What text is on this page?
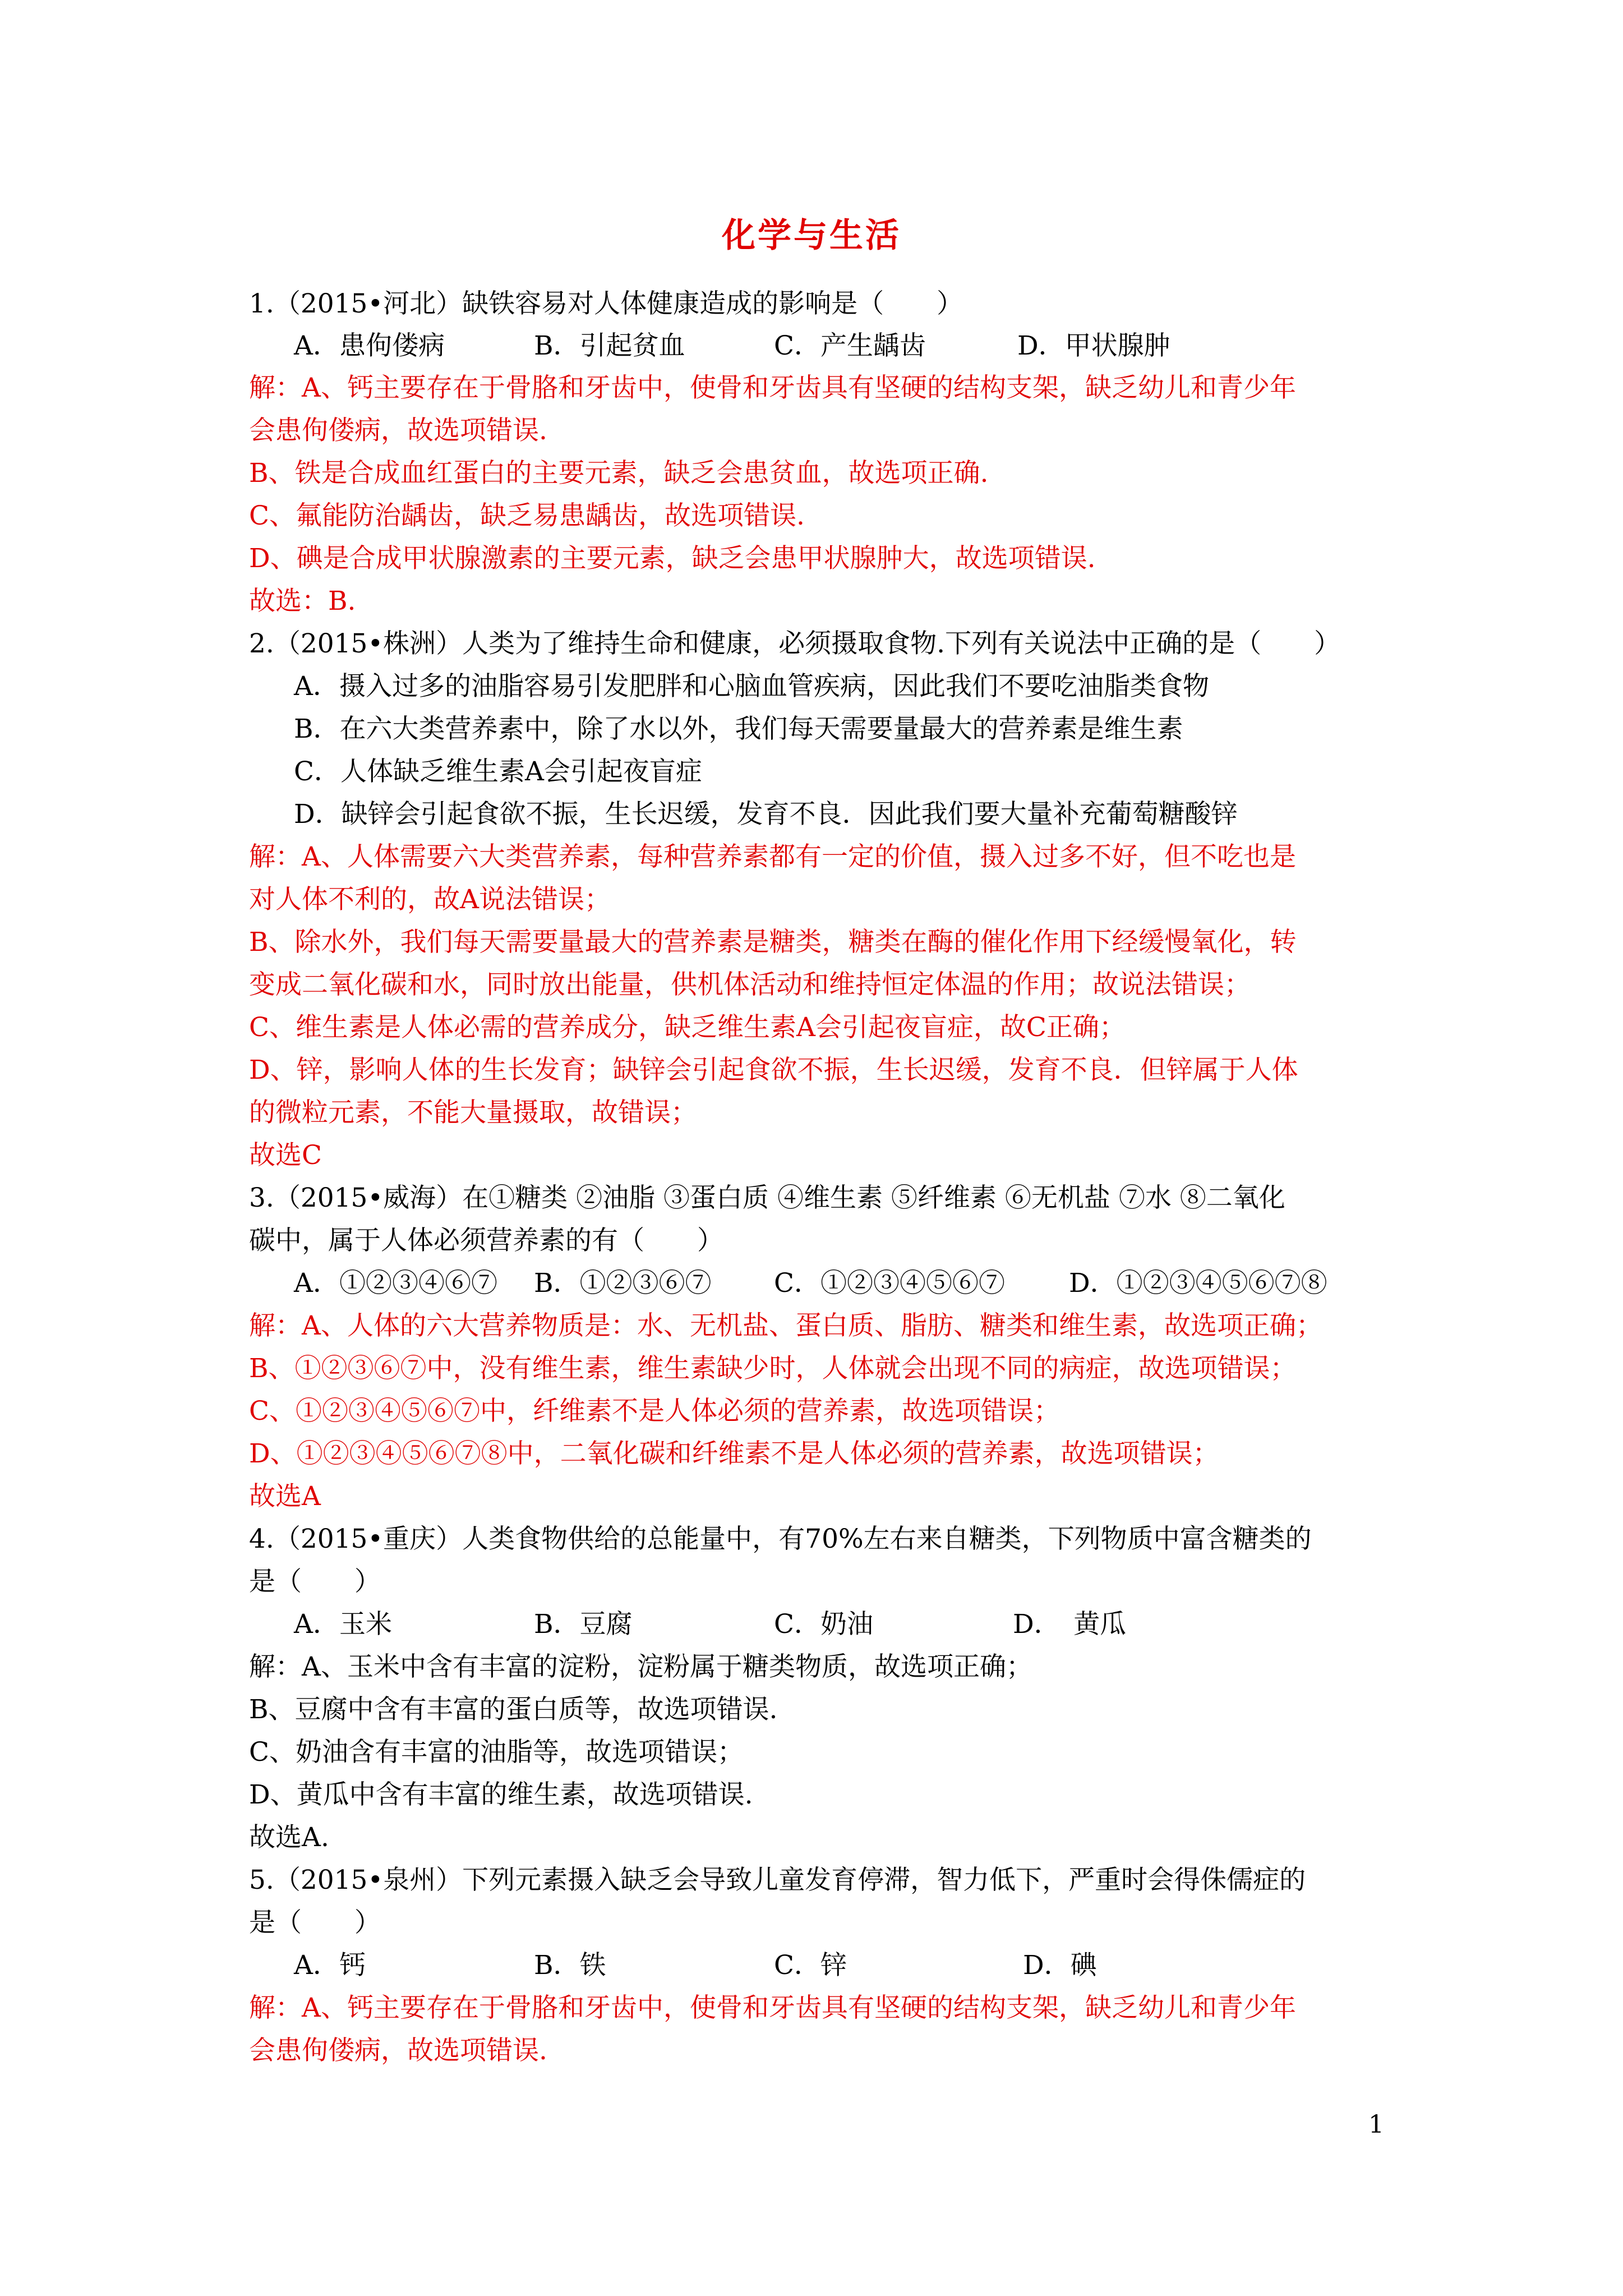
化学与生活
1.（2015•河北）缺铁容易对人体健康造成的影响是（　　）
A．患佝偻病	B．引起贫血	C．产生龋齿	D．甲状腺肿
解：A、钙主要存在于骨胳和牙齿中，使骨和牙齿具有坚硬的结构支架，缺乏幼儿和青少年
会患佝偻病，故选项错误.
B、铁是合成血红蛋白的主要元素，缺乏会患贫血，故选项正确.
C、氟能防治龋齿，缺乏易患龋齿，故选项错误.
D、碘是合成甲状腺激素的主要元素，缺乏会患甲状腺肿大，故选项错误.
故选：B.
2.（2015•株洲）人类为了维持生命和健康，必须摄取食物.下列有关说法中正确的是（　　）
A．摄入过多的油脂容易引发肥胖和心脑血管疾病，因此我们不要吃油脂类食物
B．在六大类营养素中，除了水以外，我们每天需要量最大的营养素是维生素
C．人体缺乏维生素A会引起夜盲症
D．缺锌会引起食欲不振，生长迟缓，发育不良．因此我们要大量补充葡萄糖酸锌
解：A、人体需要六大类营养素，每种营养素都有一定的价值，摄入过多不好，但不吃也是
对人体不利的，故A说法错误；
B、除水外，我们每天需要量最大的营养素是糖类，糖类在酶的催化作用下经缓慢氧化，转
变成二氧化碳和水，同时放出能量，供机体活动和维持恒定体温的作用；故说法错误；
C、维生素是人体必需的营养成分，缺乏维生素A会引起夜盲症，故C正确；
D、锌，影响人体的生长发育；缺锌会引起食欲不振，生长迟缓，发育不良．但锌属于人体
的微粒元素，不能大量摄取，故错误；
故选C
3.（2015•威海）在①糖类 ②油脂 ③蛋白质 ④维生素 ⑤纤维素 ⑥无机盐 ⑦水 ⑧二氧化
碳中，属于人体必须营养素的有（　　）
A．①②③④⑥⑦ B．①②③⑥⑦ C．①②③④⑤⑥⑦ D．①②③④⑤⑥⑦⑧
解：A、人体的六大营养物质是：水、无机盐、蛋白质、脂肪、糖类和维生素，故选项正确；
B、①②③⑥⑦中，没有维生素，维生素缺少时，人体就会出现不同的病症，故选项错误；
C、①②③④⑤⑥⑦中，纤维素不是人体必须的营养素，故选项错误；
D、①②③④⑤⑥⑦⑧中，二氧化碳和纤维素不是人体必须的营养素，故选项错误；
故选A
4.（2015•重庆）人类食物供给的总能量中，有70%左右来自糖类，下列物质中富含糖类的
是（　　）
A．玉米	B．豆腐	C．奶油	D．　黄瓜
解：A、玉米中含有丰富的淀粉，淀粉属于糖类物质，故选项正确；
B、豆腐中含有丰富的蛋白质等，故选项错误.
C、奶油含有丰富的油脂等，故选项错误；
D、黄瓜中含有丰富的维生素，故选项错误.
故选A.
5.（2015•泉州）下列元素摄入缺乏会导致儿童发育停滞，智力低下，严重时会得侏儒症的
是（　　）
A．钙	B．铁	C．锌	D．碘
解：A、钙主要存在于骨胳和牙齿中，使骨和牙齿具有坚硬的结构支架，缺乏幼儿和青少年
会患佝偻病，故选项错误.
1
